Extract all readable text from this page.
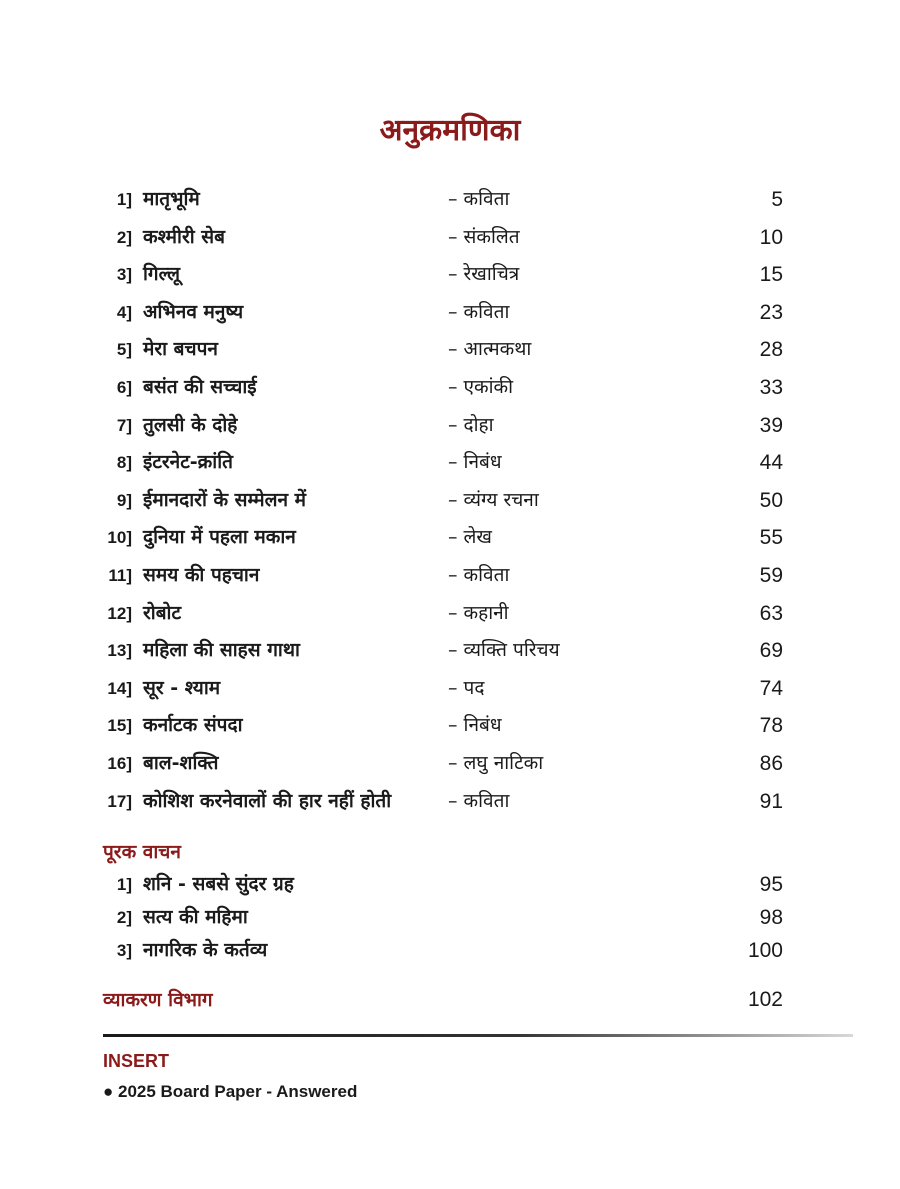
अनुक्रमणिका
1] मातृभूमि	– कविता	5
2] कश्मीरी सेब	– संकलित	10
3] गिल्लू	– रेखाचित्र	15
4] अभिनव मनुष्य	– कविता	23
5] मेरा बचपन	– आत्मकथा	28
6] बसंत की सच्चाई	– एकांकी	33
7] तुलसी के दोहे	– दोहा	39
8] इंटरनेट-क्रांति	– निबंध	44
9] ईमानदारों के सम्मेलन में	– व्यंग्य रचना	50
10] दुनिया में पहला मकान	– लेख	55
11] समय की पहचान	– कविता	59
12] रोबोट	– कहानी	63
13] महिला की साहस गाथा	– व्यक्ति परिचय	69
14] सूर - श्याम	– पद	74
15] कर्नाटक संपदा	– निबंध	78
16] बाल-शक्ति	– लघु नाटिका	86
17] कोशिश करनेवालों की हार नहीं होती	– कविता	91
पूरक वाचन
1] शनि - सबसे सुंदर ग्रह	95
2] सत्य की महिमा	98
3] नागरिक के कर्तव्य	100
व्याकरण विभाग	102
INSERT
● 2025 Board Paper - Answered
